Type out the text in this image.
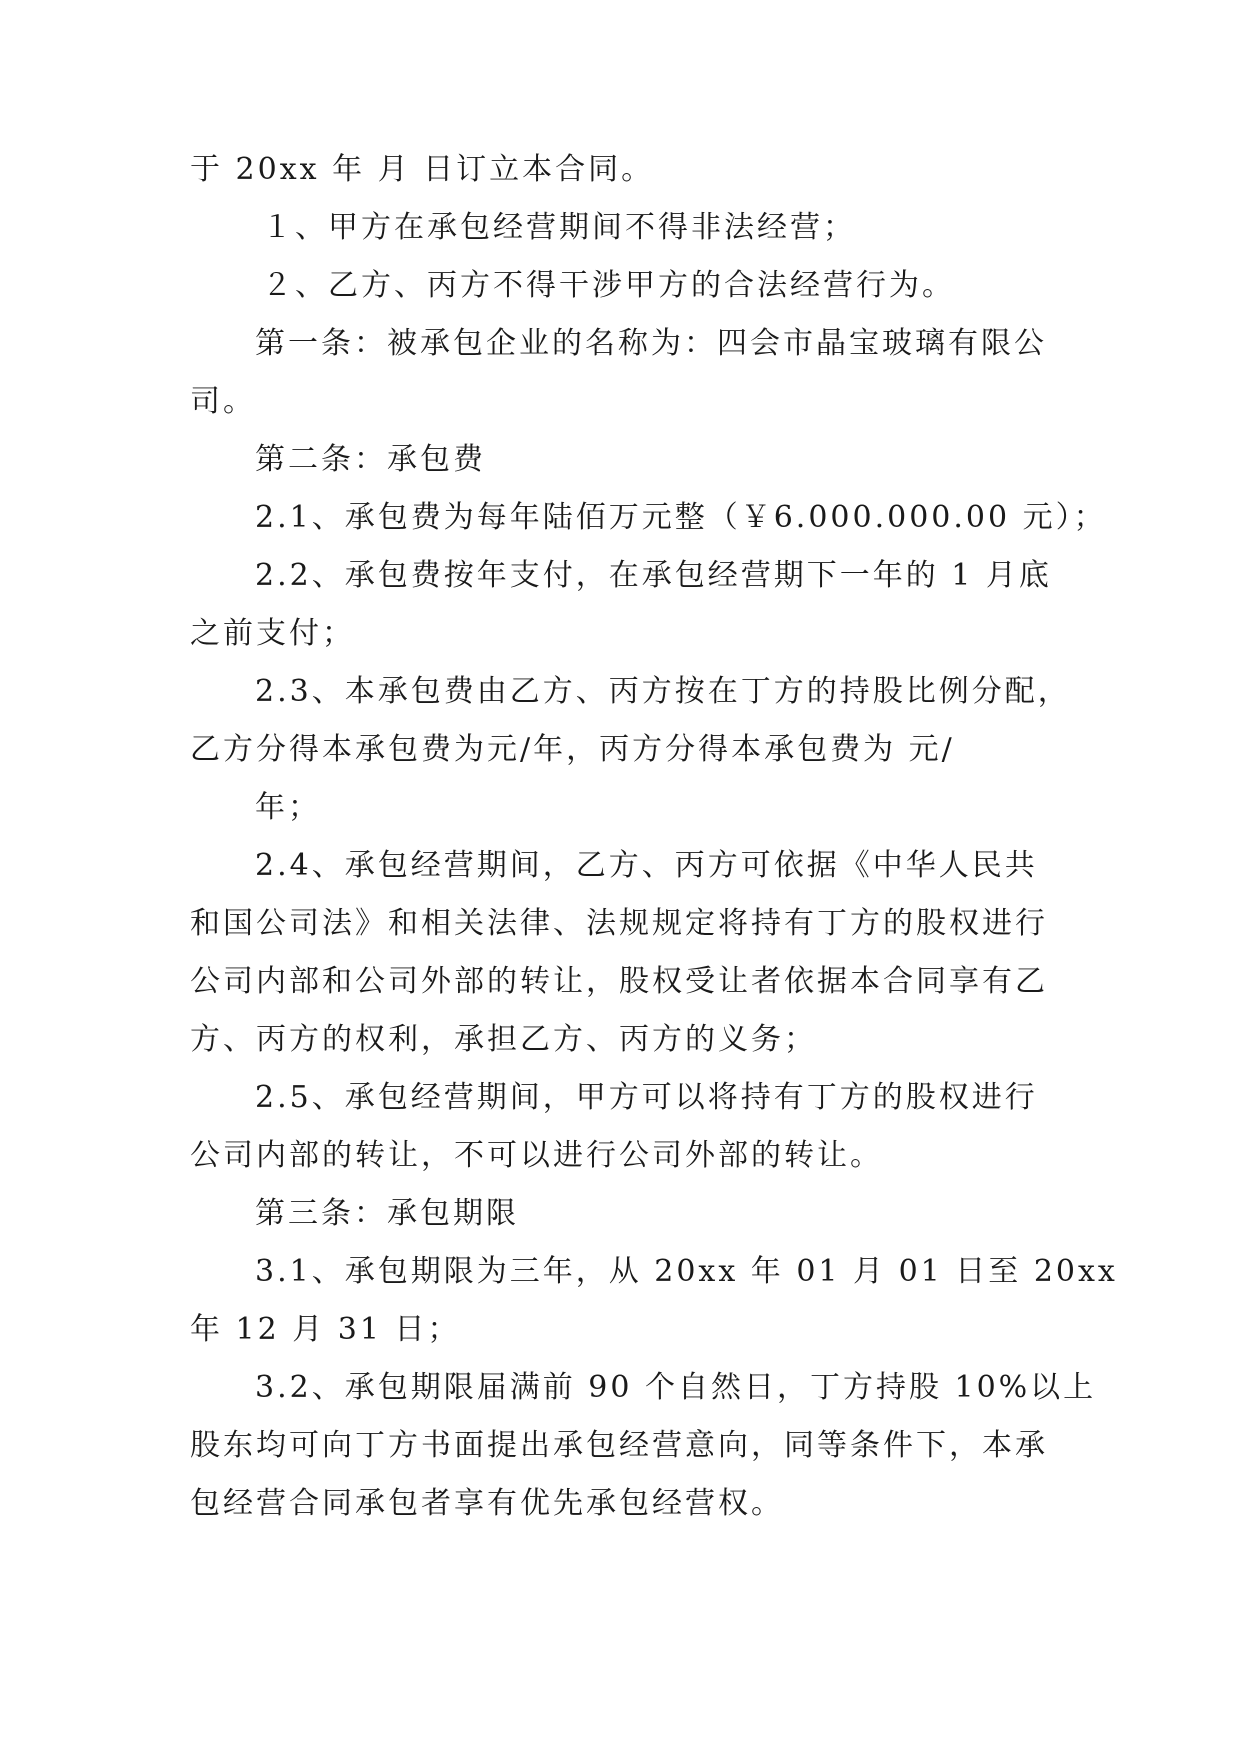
于 20xx 年 月 日订立本合同。
１、甲方在承包经营期间不得非法经营；
２、乙方、丙方不得干涉甲方的合法经营行为。
第一条：被承包企业的名称为：四会市晶宝玻璃有限公
司。
第二条：承包费
2.1、承包费为每年陆佰万元整（￥6.000.000.00 元）；
2.2、承包费按年支付，在承包经营期下一年的 1 月底
之前支付；
2.3、本承包费由乙方、丙方按在丁方的持股比例分配，
乙方分得本承包费为元/年，丙方分得本承包费为 元/
年；
2.4、承包经营期间，乙方、丙方可依据《中华人民共
和国公司法》和相关法律、法规规定将持有丁方的股权进行
公司内部和公司外部的转让，股权受让者依据本合同享有乙
方、丙方的权利，承担乙方、丙方的义务；
2.5、承包经营期间，甲方可以将持有丁方的股权进行
公司内部的转让，不可以进行公司外部的转让。
第三条：承包期限
3.1、承包期限为三年，从 20xx 年 01 月 01 日至 20xx
年 12 月 31 日；
3.2、承包期限届满前 90 个自然日，丁方持股 10%以上
股东均可向丁方书面提出承包经营意向，同等条件下，本承
包经营合同承包者享有优先承包经营权。
